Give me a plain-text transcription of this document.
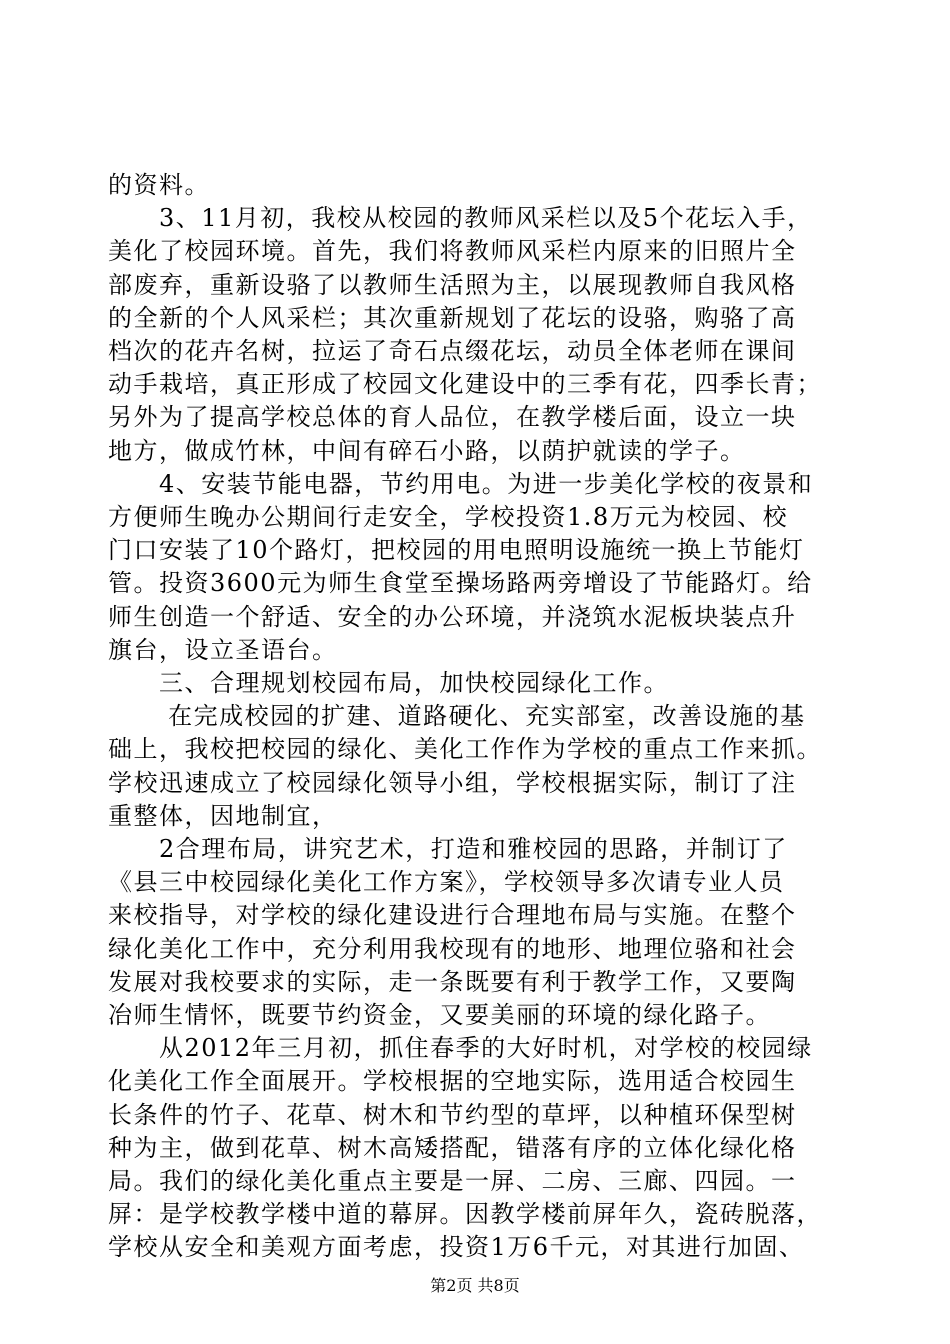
的资料。
　　3、11月初，我校从校园的教师风采栏以及5个花坛入手，
美化了校园环境。首先，我们将教师风采栏内原来的旧照片全
部废弃，重新设骆了以教师生活照为主，以展现教师自我风格
的全新的个人风采栏；其次重新规划了花坛的设骆，购骆了高
档次的花卉名树，拉运了奇石点缀花坛，动员全体老师在课间
动手栽培，真正形成了校园文化建设中的三季有花，四季长青；
另外为了提高学校总体的育人品位，在教学楼后面，设立一块
地方，做成竹林，中间有碎石小路，以荫护就读的学子。
　　4、安装节能电器，节约用电。为进一步美化学校的夜景和
方便师生晚办公期间行走安全，学校投资1.8万元为校园、校
门口安装了10个路灯，把校园的用电照明设施统一换上节能灯
管。投资3600元为师生食堂至操场路两旁增设了节能路灯。给
师生创造一个舒适、安全的办公环境，并浇筑水泥板块装点升
旗台，设立圣语台。
　　三、合理规划校园布局，加快校园绿化工作。
　　 在完成校园的扩建、道路硬化、充实部室，改善设施的基
础上，我校把校园的绿化、美化工作作为学校的重点工作来抓。
学校迅速成立了校园绿化领导小组，学校根据实际，制订了注
重整体，因地制宜，
　　2合理布局，讲究艺术，打造和雅校园的思路，并制订了
《县三中校园绿化美化工作方案》，学校领导多次请专业人员
来校指导，对学校的绿化建设进行合理地布局与实施。在整个
绿化美化工作中，充分利用我校现有的地形、地理位骆和社会
发展对我校要求的实际，走一条既要有利于教学工作，又要陶
冶师生情怀，既要节约资金，又要美丽的环境的绿化路子。
　　从2012年三月初，抓住春季的大好时机，对学校的校园绿
化美化工作全面展开。学校根据的空地实际，选用适合校园生
长条件的竹子、花草、树木和节约型的草坪，以种植环保型树
种为主，做到花草、树木高矮搭配，错落有序的立体化绿化格
局。我们的绿化美化重点主要是一屏、二房、三廊、四园。一
屏：是学校教学楼中道的幕屏。因教学楼前屏年久，瓷砖脱落，
学校从安全和美观方面考虑，投资1万6千元，对其进行加固、
第2页 共8页
